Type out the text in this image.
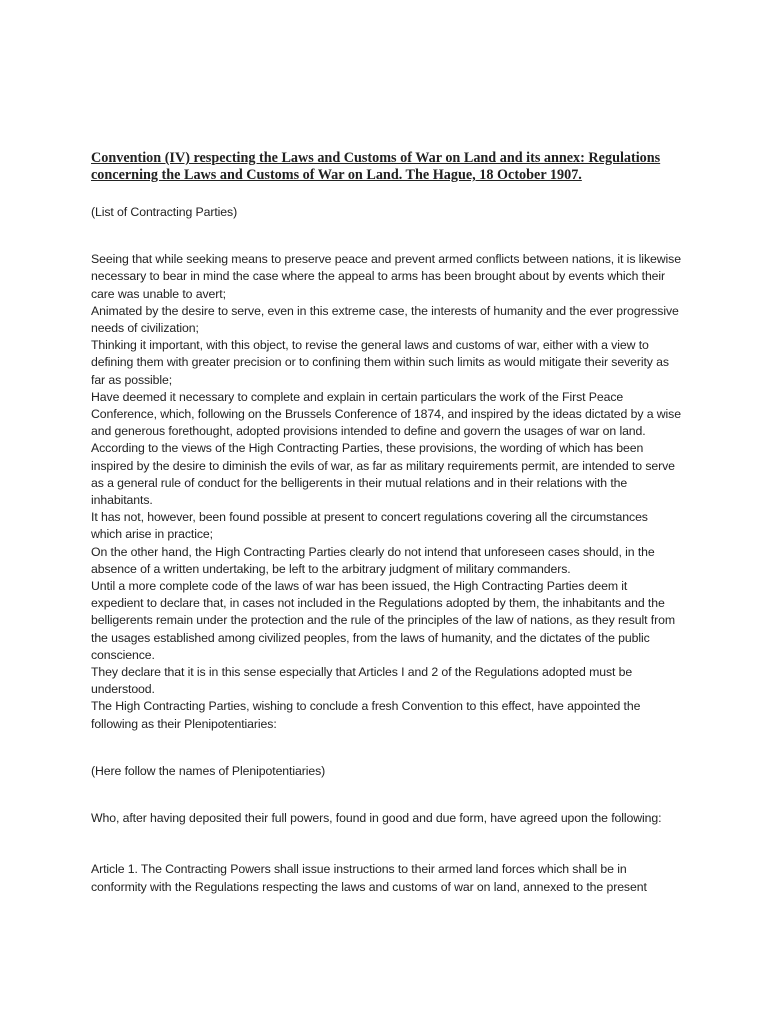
Convention (IV) respecting the Laws and Customs of War on Land and its annex: Regulations concerning the Laws and Customs of War on Land. The Hague, 18 October 1907.

(List of Contracting Parties)

Seeing that while seeking means to preserve peace and prevent armed conflicts between nations, it is likewise necessary to bear in mind the case where the appeal to arms has been brought about by events which their care was unable to avert;

Animated by the desire to serve, even in this extreme case, the interests of humanity and the ever progressive needs of civilization;

Thinking it important, with this object, to revise the general laws and customs of war, either with a view to defining them with greater precision or to confining them within such limits as would mitigate their severity as far as possible;

Have deemed it necessary to complete and explain in certain particulars the work of the First Peace Conference, which, following on the Brussels Conference of 1874, and inspired by the ideas dictated by a wise and generous forethought, adopted provisions intended to define and govern the usages of war on land.

According to the views of the High Contracting Parties, these provisions, the wording of which has been inspired by the desire to diminish the evils of war, as far as military requirements permit, are intended to serve as a general rule of conduct for the belligerents in their mutual relations and in their relations with the inhabitants.

It has not, however, been found possible at present to concert regulations covering all the circumstances which arise in practice;

On the other hand, the High Contracting Parties clearly do not intend that unforeseen cases should, in the absence of a written undertaking, be left to the arbitrary judgment of military commanders.

Until a more complete code of the laws of war has been issued, the High Contracting Parties deem it expedient to declare that, in cases not included in the Regulations adopted by them, the inhabitants and the belligerents remain under the protection and the rule of the principles of the law of nations, as they result from the usages established among civilized peoples, from the laws of humanity, and the dictates of the public conscience.

They declare that it is in this sense especially that Articles I and 2 of the Regulations adopted must be understood.

The High Contracting Parties, wishing to conclude a fresh Convention to this effect, have appointed the following as their Plenipotentiaries:

(Here follow the names of Plenipotentiaries)

Who, after having deposited their full powers, found in good and due form, have agreed upon the following:

Article 1. The Contracting Powers shall issue instructions to their armed land forces which shall be in conformity with the Regulations respecting the laws and customs of war on land, annexed to the present
